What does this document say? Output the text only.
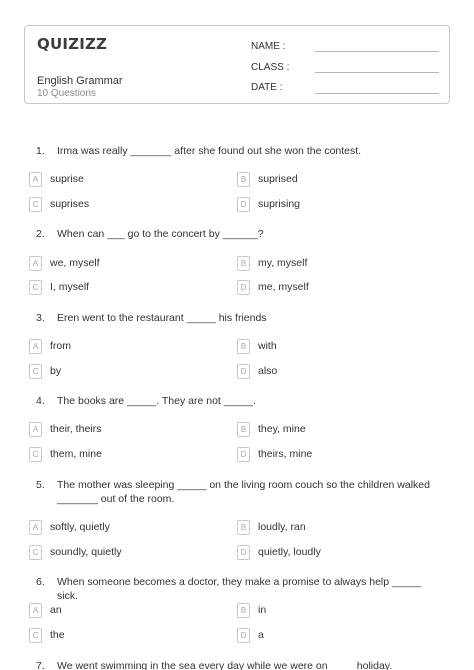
QUIZIZZ
English Grammar
10 Questions
NAME :
CLASS :
DATE :
1. Irma was really _______ after she found out she won the contest.
A	suprise	B	suprised
C	suprises	D	suprising
2. When can ___ go to the concert by ______?
A	we, myself	B	my, myself
C	I, myself	D	me, myself
3. Eren went to the restaurant _____ his friends
A	from	B	with
C	by	D	also
4. The books are _____. They are not _____.
A	their, theirs	B	they, mine
C	them, mine	D	theirs, mine
5. The mother was sleeping _____ on the living room couch so the children walked _______ out of the room.
A	softly, quietly	B	loudly, ran
C	soundly, quietly	D	quietly, loudly
6. When someone becomes a doctor, they make a promise to always help _____ sick.
A	an	B	in
C	the	D	a
7. We went swimming in the sea every day while we were on ____ holiday.
